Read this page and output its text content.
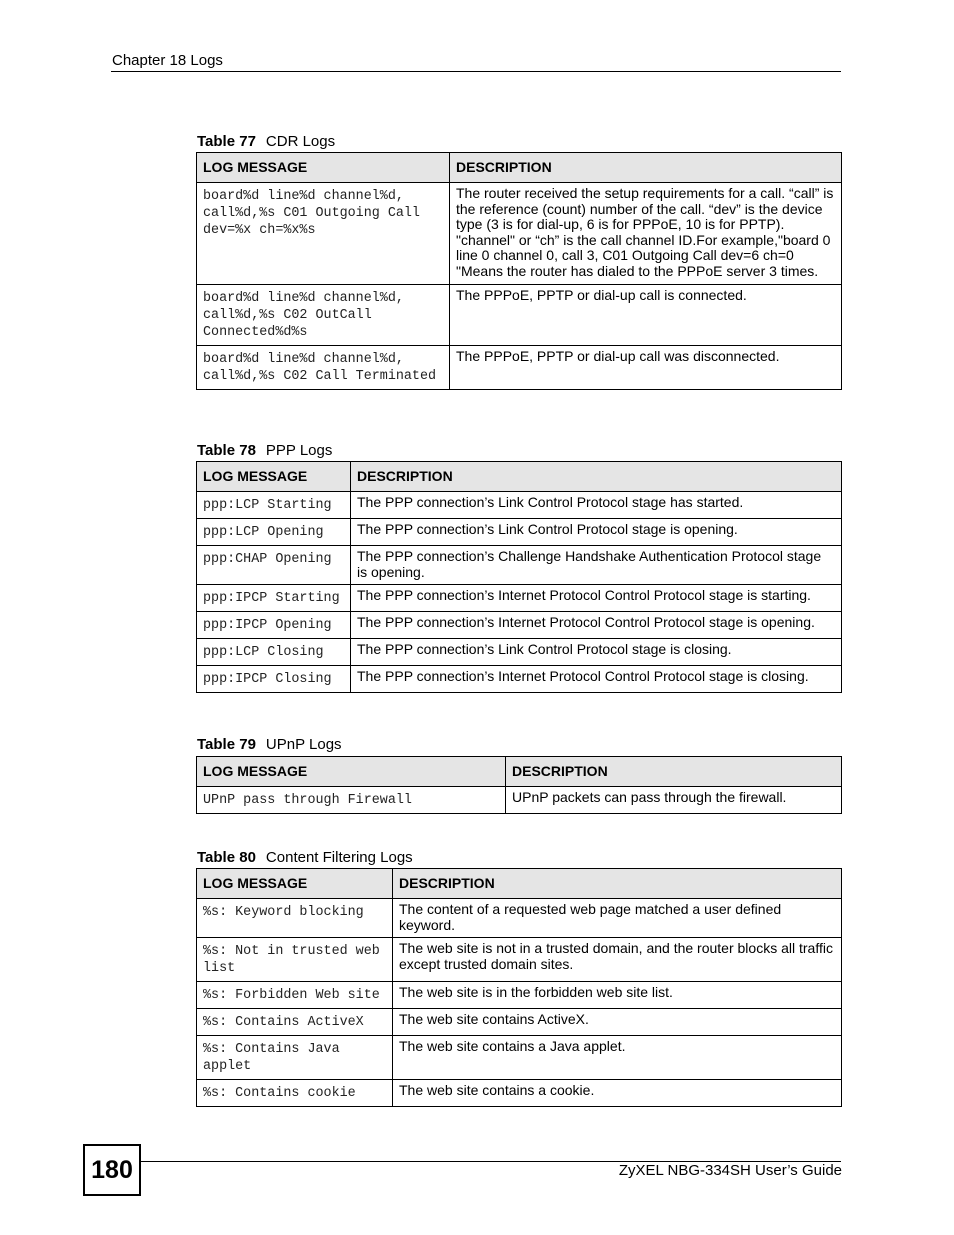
Chapter 18 Logs
Table 77 CDR Logs
LOG MESSAGE	DESCRIPTION
board%d line%d channel%d, call%d,%s C01 Outgoing Call dev=%x ch=%x%s	The router received the setup requirements for a call. “call” is the reference (count) number of the call. “dev” is the device type (3 is for dial-up, 6 is for PPPoE, 10 is for PPTP). "channel" or “ch” is the call channel ID.For example,"board 0 line 0 channel 0, call 3, C01 Outgoing Call dev=6 ch=0 "Means the router has dialed to the PPPoE server 3 times.
board%d line%d channel%d, call%d,%s C02 OutCall Connected%d%s	The PPPoE, PPTP or dial-up call is connected.
board%d line%d channel%d, call%d,%s C02 Call Terminated	The PPPoE, PPTP or dial-up call was disconnected.
Table 78 PPP Logs
LOG MESSAGE	DESCRIPTION
ppp:LCP Starting	The PPP connection’s Link Control Protocol stage has started.
ppp:LCP Opening	The PPP connection’s Link Control Protocol stage is opening.
ppp:CHAP Opening	The PPP connection’s Challenge Handshake Authentication Protocol stage is opening.
ppp:IPCP Starting	The PPP connection’s Internet Protocol Control Protocol stage is starting.
ppp:IPCP Opening	The PPP connection’s Internet Protocol Control Protocol stage is opening.
ppp:LCP Closing	The PPP connection’s Link Control Protocol stage is closing.
ppp:IPCP Closing	The PPP connection’s Internet Protocol Control Protocol stage is closing.
Table 79 UPnP Logs
LOG MESSAGE	DESCRIPTION
UPnP pass through Firewall	UPnP packets can pass through the firewall.
Table 80 Content Filtering Logs
LOG MESSAGE	DESCRIPTION
%s: Keyword blocking	The content of a requested web page matched a user defined keyword.
%s: Not in trusted web list	The web site is not in a trusted domain, and the router blocks all traffic except trusted domain sites.
%s: Forbidden Web site	The web site is in the forbidden web site list.
%s: Contains ActiveX	The web site contains ActiveX.
%s: Contains Java applet	The web site contains a Java applet.
%s: Contains cookie	The web site contains a cookie.
180	ZyXEL NBG-334SH User’s Guide
